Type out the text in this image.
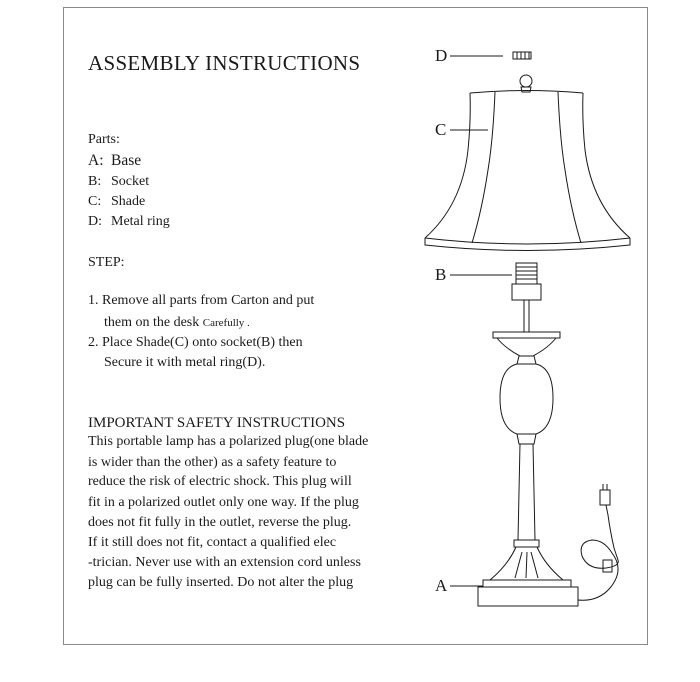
ASSEMBLY INSTRUCTIONS
Parts:
A: Base
B: Socket
C: Shade
D: Metal ring
STEP:
1. Remove all parts from Carton and put
them on the desk Carefully .
2. Place Shade(C) onto socket(B) then
Secure it with metal ring(D).
IMPORTANT SAFETY INSTRUCTIONS
This portable lamp has a polarized plug(one blade
is wider than the other) as a safety feature to
reduce the risk of electric shock. This plug will
fit in a polarized outlet only one way. If the plug
does not fit fully in the outlet, reverse the plug.
If it still does not fit, contact a qualified elec
-trician. Never use with an extension cord unless
plug can be fully inserted. Do not alter the plug
D
C
B
A
